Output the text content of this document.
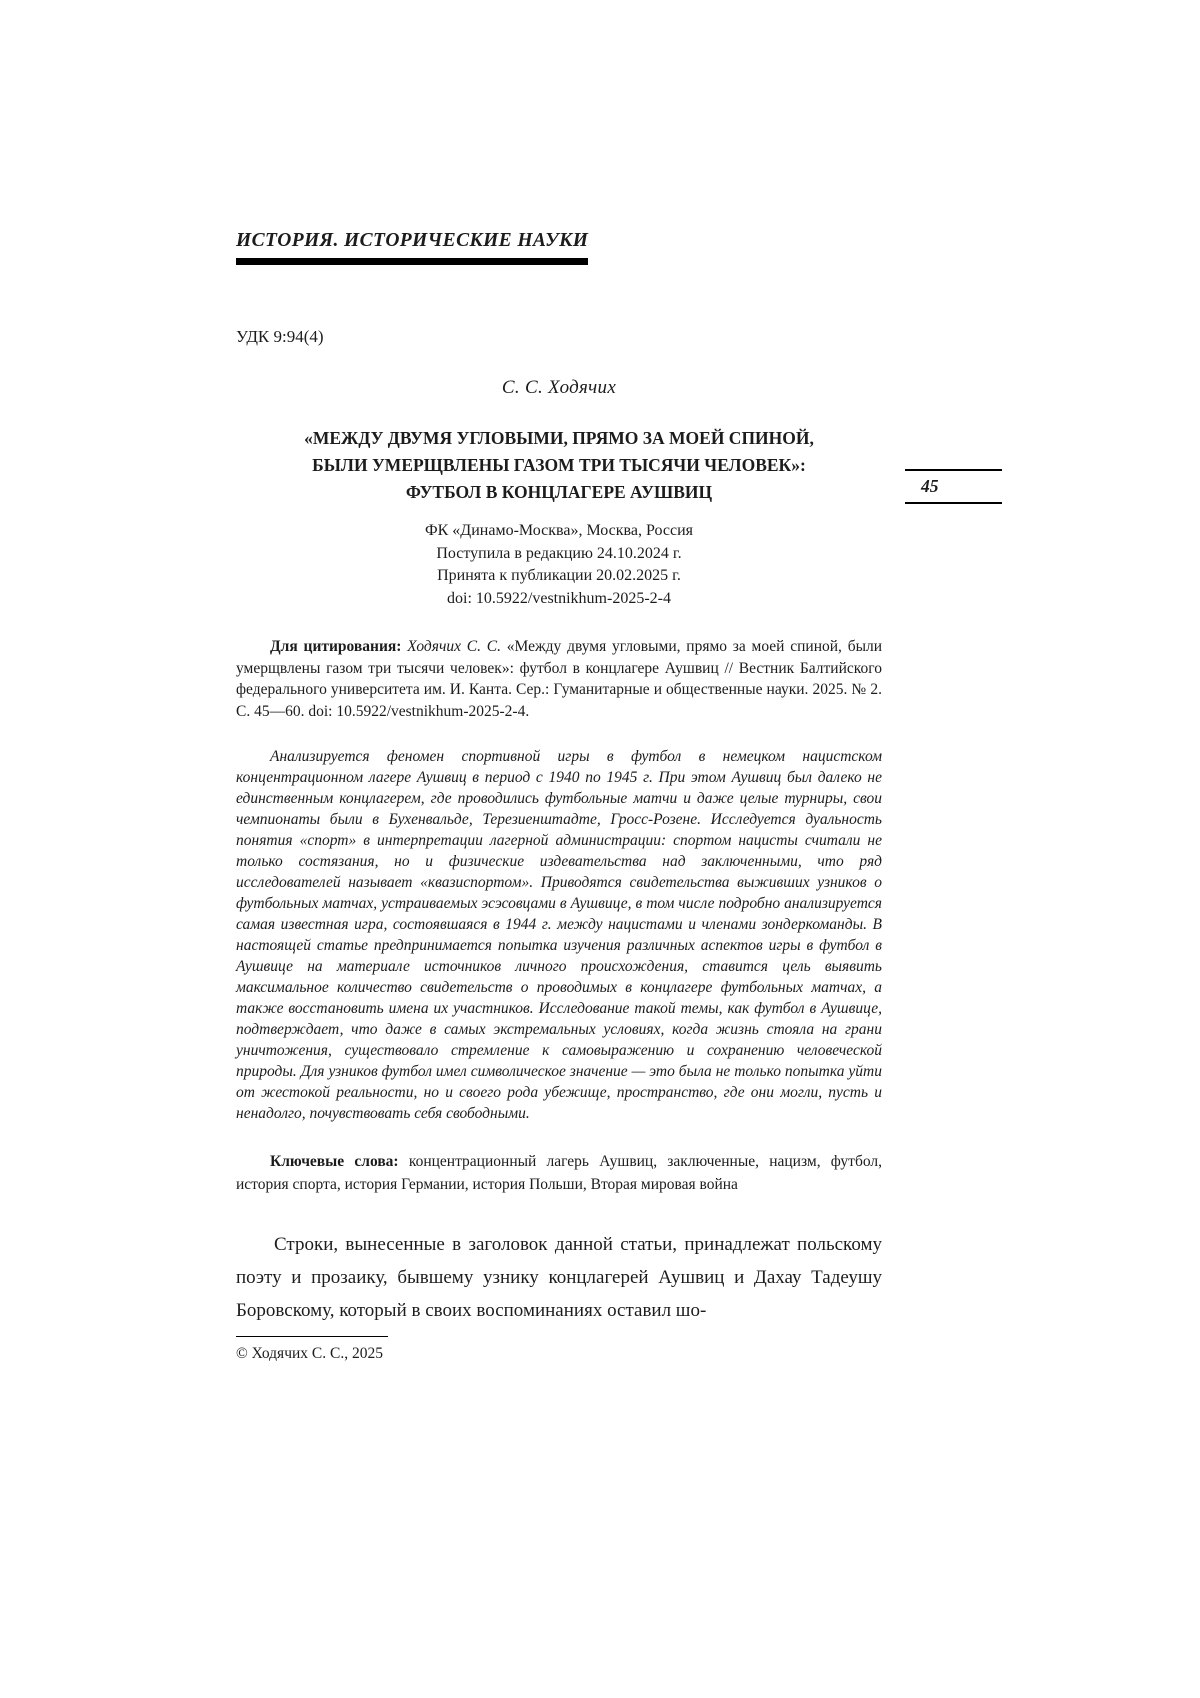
ИСТОРИЯ. ИСТОРИЧЕСКИЕ НАУКИ
УДК 9:94(4)
С. С. Ходячих
«МЕЖДУ ДВУМЯ УГЛОВЫМИ, ПРЯМО ЗА МОЕЙ СПИНОЙ,
БЫЛИ УМЕРЩВЛЕНЫ ГАЗОМ ТРИ ТЫСЯЧИ ЧЕЛОВЕК»:
ФУТБОЛ В КОНЦЛАГЕРЕ АУШВИЦ
ФК «Динамо-Москва», Москва, Россия
Поступила в редакцию 24.10.2024 г.
Принята к публикации 20.02.2025 г.
doi: 10.5922/vestnikhum-2025-2-4

Для цитирования: Ходячих С. С. «Между двумя угловыми, прямо за моей спиной, были умерщвлены газом три тысячи человек»: футбол в концлагере Аушвиц // Вестник Балтийского федерального университета им. И. Канта. Сер.: Гуманитарные и общественные науки. 2025. № 2. С. 45—60. doi: 10.5922/vestnikhum-2025-2-4.

Анализируется феномен спортивной игры в футбол в немецком нацистском концентрационном лагере Аушвиц в период с 1940 по 1945 г. При этом Аушвиц был далеко не единственным концлагерем, где проводились футбольные матчи и даже целые турниры, свои чемпионаты были в Бухенвальде, Терезиенштадте, Гросс-Розене. Исследуется дуальность понятия «спорт» в интерпретации лагерной администрации: спортом нацисты считали не только состязания, но и физические издевательства над заключенными, что ряд исследователей называет «квазиспортом». Приводятся свидетельства выживших узников о футбольных матчах, устраиваемых эсэсовцами в Аушвице, в том числе подробно анализируется самая известная игра, состоявшаяся в 1944 г. между нацистами и членами зондеркоманды. В настоящей статье предпринимается попытка изучения различных аспектов игры в футбол в Аушвице на материале источников личного происхождения, ставится цель выявить максимальное количество свидетельств о проводимых в концлагере футбольных матчах, а также восстановить имена их участников. Исследование такой темы, как футбол в Аушвице, подтверждает, что даже в самых экстремальных условиях, когда жизнь стояла на грани уничтожения, существовало стремление к самовыражению и сохранению человеческой природы. Для узников футбол имел символическое значение — это была не только попытка уйти от жестокой реальности, но и своего рода убежище, пространство, где они могли, пусть и ненадолго, почувствовать себя свободными.

Ключевые слова: концентрационный лагерь Аушвиц, заключенные, нацизм, футбол, история спорта, история Германии, история Польши, Вторая мировая война

Строки, вынесенные в заголовок данной статьи, принадлежат польскому поэту и прозаику, бывшему узнику концлагерей Аушвиц и Дахау Тадеушу Боровскому, который в своих воспоминаниях оставил шо-

45

© Ходячих С. С., 2025
